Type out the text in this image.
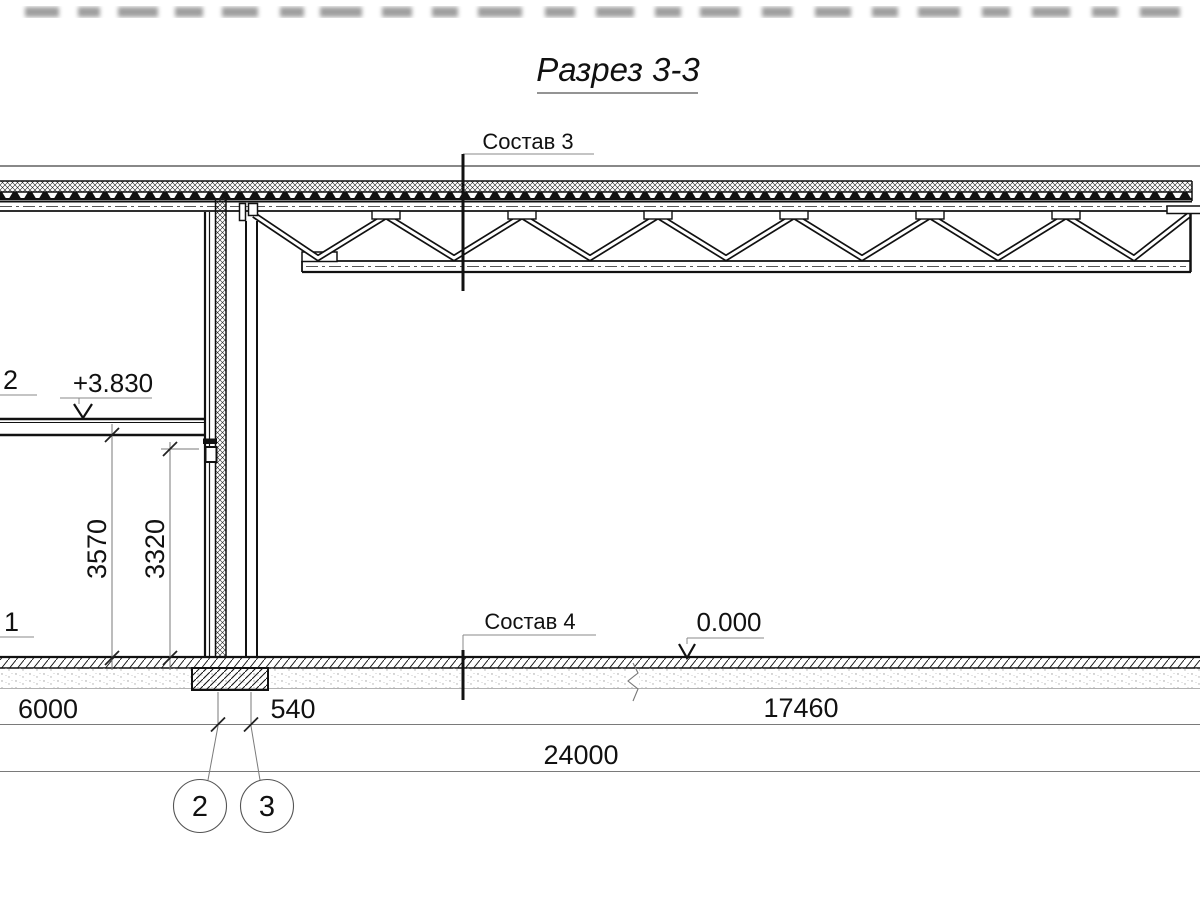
Разрез 3-3
Состав 3
Состав 4
+3.830
0.000
2
1
3570 3320
6000	540	17460
24000
2 3
